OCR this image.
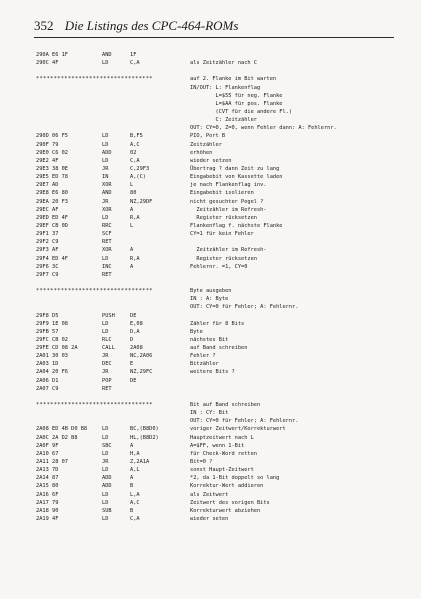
352 Die Listings des CPC-464-ROMs
290A E6 1F	AND	1F
290C 4F	LD	C,A	als Zeitzähler nach C
*********************************	auf 2. Flanke im Bit warten
IN/OUT: L: Flankenflag
L=$55 für neg. Flanke
L=$AA für pos. Flanke
(CVT für die andere Fl.)
C: Zeitzähler
OUT: CY=0, Z=0, wenn Fehler dann: A: Fehlernr.
290D 06 F5	LD	B,F5	PIO, Port B
290F 79	LD	A,C	Zeitzähler
29E0 C6 02	ADD	02	erhöhen
29E2 4F	LD	C,A	wieder setzen
29E3 38 0E	JR	C,29F3	Übertrag ? dann Zeit zu lang
29E5 ED 78	IN	A,(C)	Eingabebit von Kassette laden
29E7 AD	XOR	L	je nach Flankenflag inv.
29E8 E6 80	AND	80	Eingabebit isolieren
29EA 20 F3	JR	NZ,29DF	nicht gesuchter Pegel ?
29EC AF	XOR	A	Zeitzähler im Refresh-
29ED ED 4F	LD	R,A	Register rücksetzen
29EF CB 0D	RRC	L	Flankenflag f. nächste Flanke
29F1 37	SCF	CY=1 für kein Fehler
29F2 C9	RET
29F3 AF	XOR	A	Zeitzähler im Refresh-
29F4 ED 4F	LD	R,A	Register rücksetzen
29F6 3C	INC	A	Fehlernr. =1, CY=0
29F7 C9	RET
*********************************	Byte ausgeben
IN : A: Byte
OUT: CY=0 für Fehler; A: Fehlernr.
29F8 D5	PUSH	DE
29F9 1E 08	LD	E,08	Zähler für 8 Bits
29FB 57	LD	D,A	Byte
29FC CB 02	RLC	D	nächstes Bit
29FE CD 08 2A	CALL	2A08	auf Band schreiben
2A01 30 03	JR	NC,2A06	Fehler ?
2A03 1D	DEC	E	Bitzähler
2A04 20 F6	JR	NZ,29FC	weitere Bits ?
2A06 D1	POP	DE
2A07 C9	RET
*********************************	Bit auf Band schreiben
IN : CY: Bit
OUT: CY=0 für Fehler; A: Fehlernr.
2A08 ED 4B D0 B8	LD	BC,(B8D0)	voriger Zeitwert/Korrekturwert
2A0C 2A D2 B8	LD	HL,(B8D2)	Hauptzeitwert nach L
2A0F 9F	SBC	A	A=$FF, wenn 1-Bit
2A10 67	LD	H,A	für Check-Word retten
2A11 28 07	JR	Z,2A1A	Bit=0 ?
2A13 7D	LD	A,L	sonst Haupt-Zeitwert
2A14 87	ADD	A	*2, da 1-Bit doppelt so lang
2A15 80	ADD	B	Korrektur-Wert addieren
2A16 6F	LD	L,A	als Zeitwert
2A17 79	LD	A,C	Zeitwert des vorigen Bits
2A18 90	SUB	B	Korrekturwert abziehen
2A19 4F	LD	C,A	wieder seten
